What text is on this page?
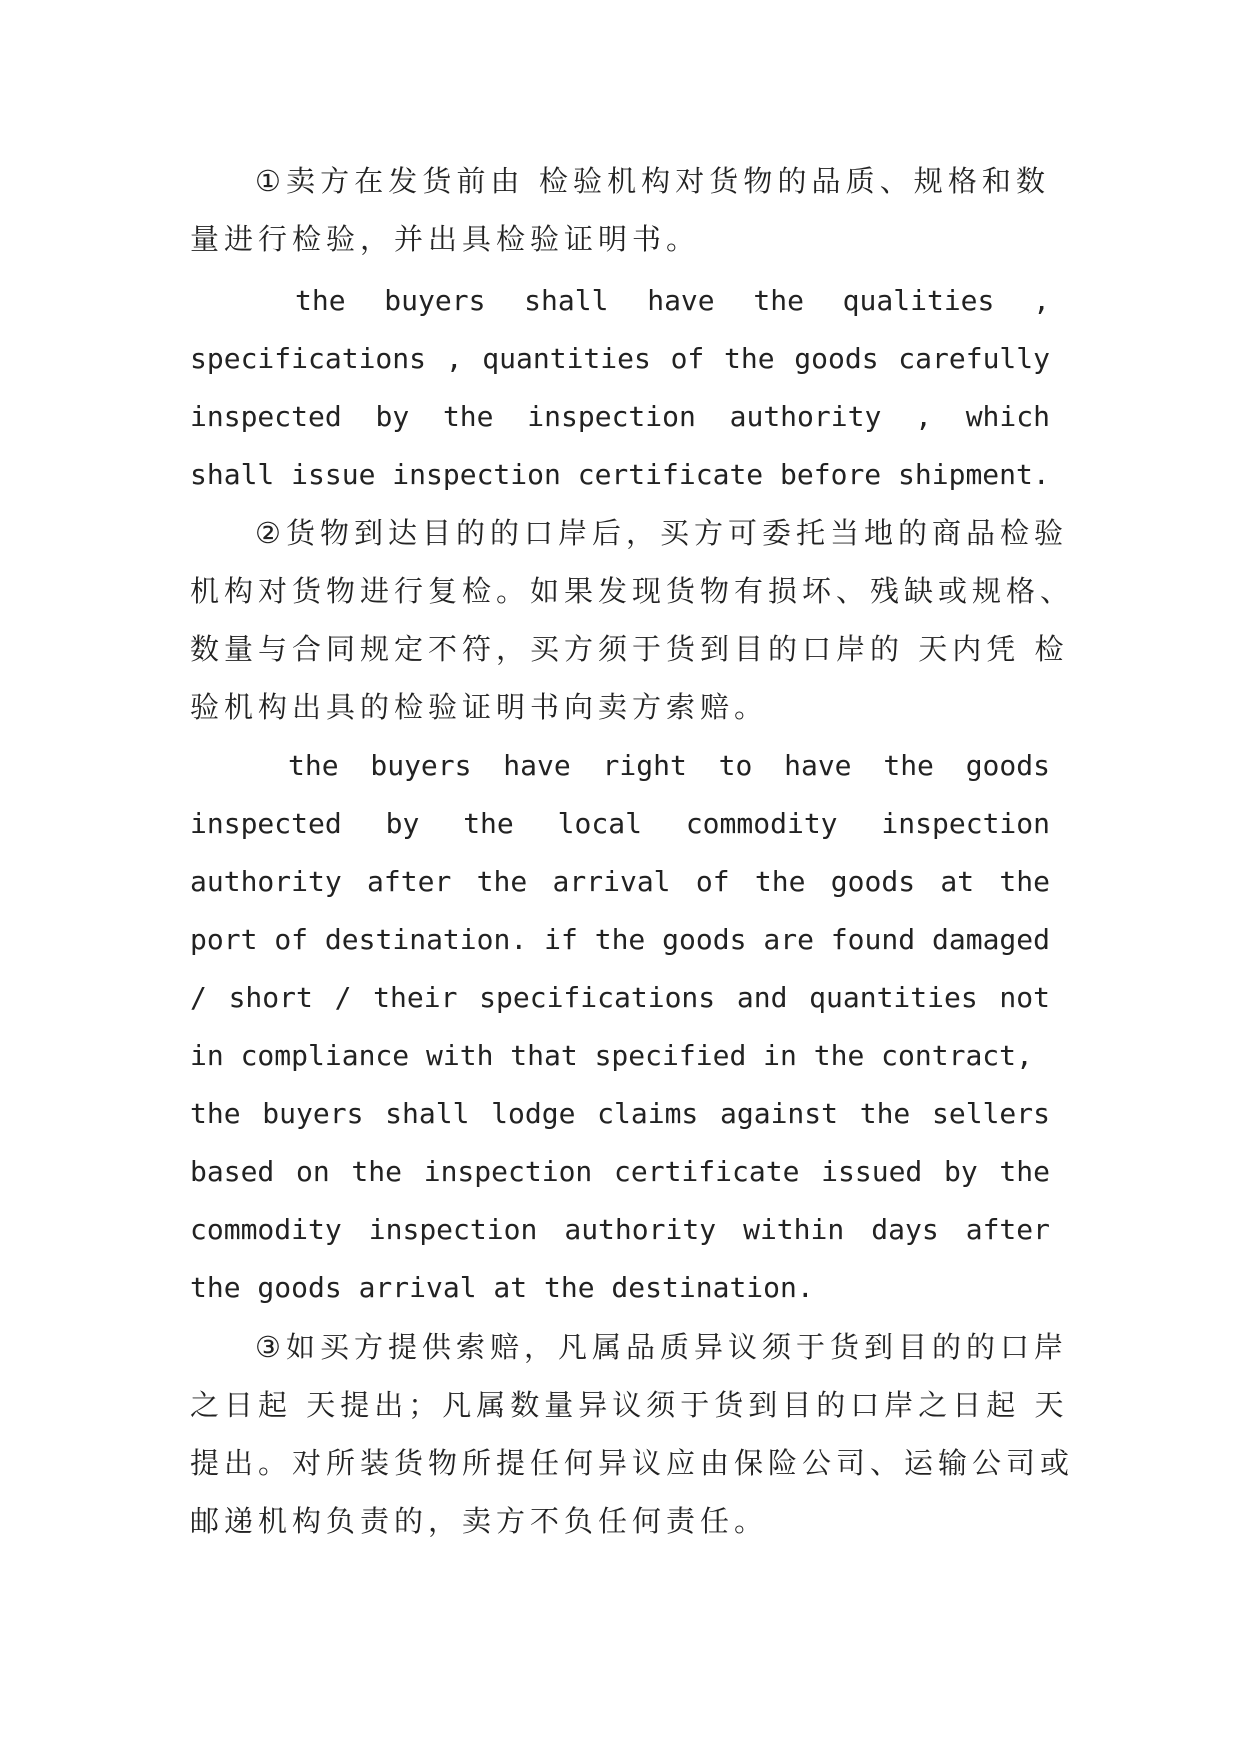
①卖方在发货前由 检验机构对货物的品质、规格和数

量进行检验，并出具检验证明书。

the buyers shall have the qualities ,

specifications , quantities of the goods carefully

inspected by the inspection authority , which

shall issue inspection certificate before shipment.

②货物到达目的的口岸后，买方可委托当地的商品检验

机构对货物进行复检。如果发现货物有损坏、残缺或规格、

数量与合同规定不符，买方须于货到目的口岸的 天内凭 检

验机构出具的检验证明书向卖方索赔。

the buyers have right to have the goods

inspected by the local commodity inspection

authority after the arrival of the goods at the

port of destination. if the goods are found damaged

/ short / their specifications and quantities not

in compliance with that specified in the contract,

the buyers shall lodge claims against the sellers

based on the inspection certificate issued by the

commodity inspection authority within days after

the goods arrival at the destination.

③如买方提供索赔，凡属品质异议须于货到目的的口岸

之日起 天提出；凡属数量异议须于货到目的口岸之日起 天

提出。对所装货物所提任何异议应由保险公司、运输公司或

邮递机构负责的，卖方不负任何责任。
